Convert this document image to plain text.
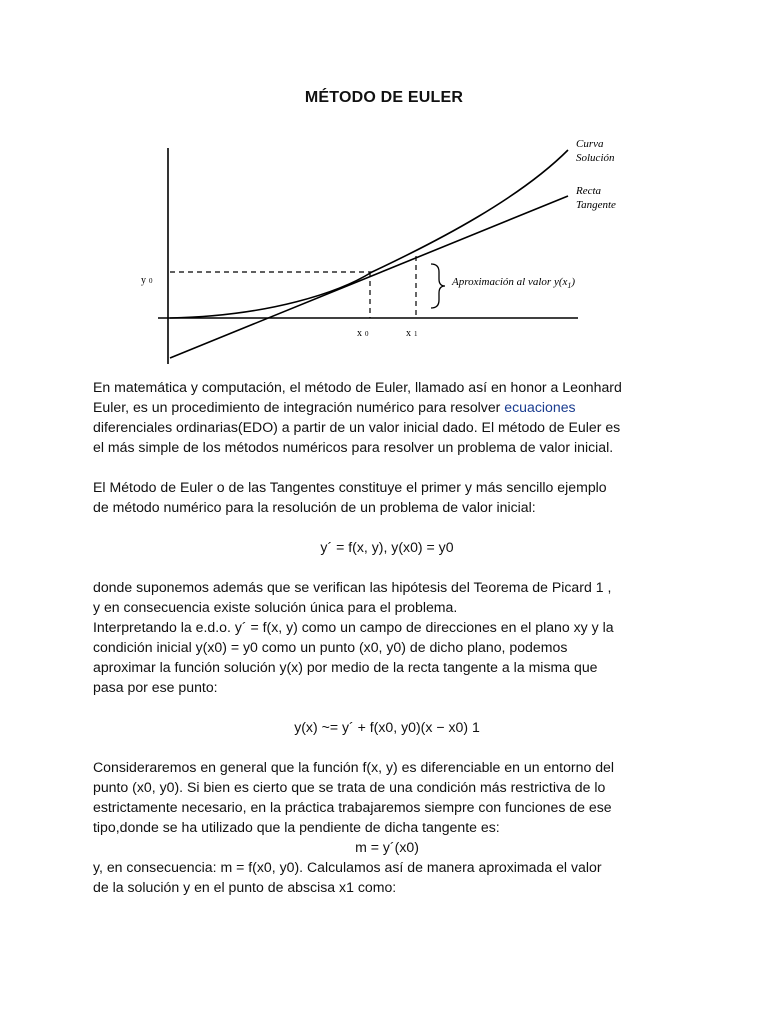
MÉTODO DE EULER
Curva
Solución
Recta
Tangente
Aproximación al valor $y(x_1)$
y 0
x 0	x 1

En matemática y computación, el método de Euler, llamado así en honor a Leonhard
Euler, es un procedimiento de integración numérico para resolver ecuaciones
diferenciales ordinarias(EDO) a partir de un valor inicial dado. El método de Euler es
el más simple de los métodos numéricos para resolver un problema de valor inicial.

El Método de Euler o de las Tangentes constituye el primer y más sencillo ejemplo
de método numérico para la resolución de un problema de valor inicial:

y´ = f(x, y), y(x0) = y0

donde suponemos además que se verifican las hipótesis del Teorema de Picard 1 ,
y en consecuencia existe solución única para el problema.
Interpretando la e.d.o. y´ = f(x, y) como un campo de direcciones en el plano xy y la
condición inicial y(x0) = y0 como un punto (x0, y0) de dicho plano, podemos
aproximar la función solución y(x) por medio de la recta tangente a la misma que
pasa por ese punto:

y(x) ~= y´ + f(x0, y0)(x − x0) 1

Consideraremos en general que la función f(x, y) es diferenciable en un entorno del
punto (x0, y0). Si bien es cierto que se trata de una condición más restrictiva de lo
estrictamente necesario, en la práctica trabajaremos siempre con funciones de ese
tipo,donde se ha utilizado que la pendiente de dicha tangente es:

m = y´(x0)
y, en consecuencia: m = f(x0, y0). Calculamos así de manera aproximada el valor
de la solución y en el punto de abscisa x1 como:
